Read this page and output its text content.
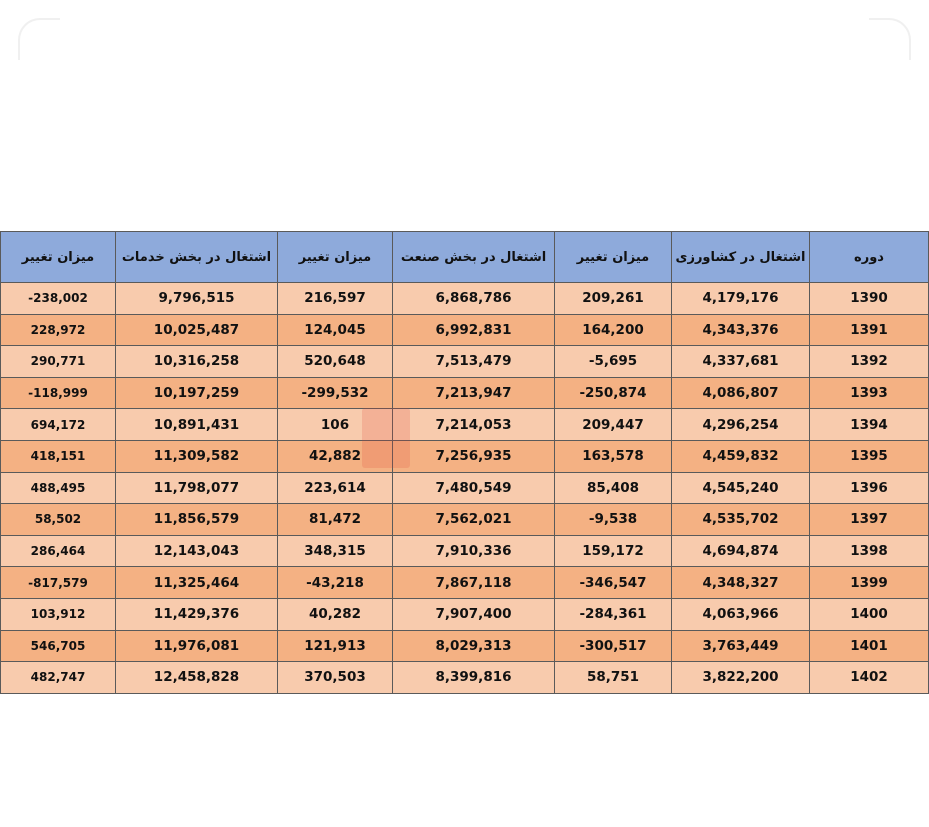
میزان تغییر	اشتغال در بخش خدمات	میزان تغییر	اشتغال در بخش صنعت	میزان تغییر	اشتغال در کشاورزی	دوره
-238,002	9,796,515	216,597	6,868,786	209,261	4,179,176	1390
228,972	10,025,487	124,045	6,992,831	164,200	4,343,376	1391
290,771	10,316,258	520,648	7,513,479	-5,695	4,337,681	1392
-118,999	10,197,259	-299,532	7,213,947	-250,874	4,086,807	1393
694,172	10,891,431	106	7,214,053	209,447	4,296,254	1394
418,151	11,309,582	42,882	7,256,935	163,578	4,459,832	1395
488,495	11,798,077	223,614	7,480,549	85,408	4,545,240	1396
58,502	11,856,579	81,472	7,562,021	-9,538	4,535,702	1397
286,464	12,143,043	348,315	7,910,336	159,172	4,694,874	1398
-817,579	11,325,464	-43,218	7,867,118	-346,547	4,348,327	1399
103,912	11,429,376	40,282	7,907,400	-284,361	4,063,966	1400
546,705	11,976,081	121,913	8,029,313	-300,517	3,763,449	1401
482,747	12,458,828	370,503	8,399,816	58,751	3,822,200	1402
